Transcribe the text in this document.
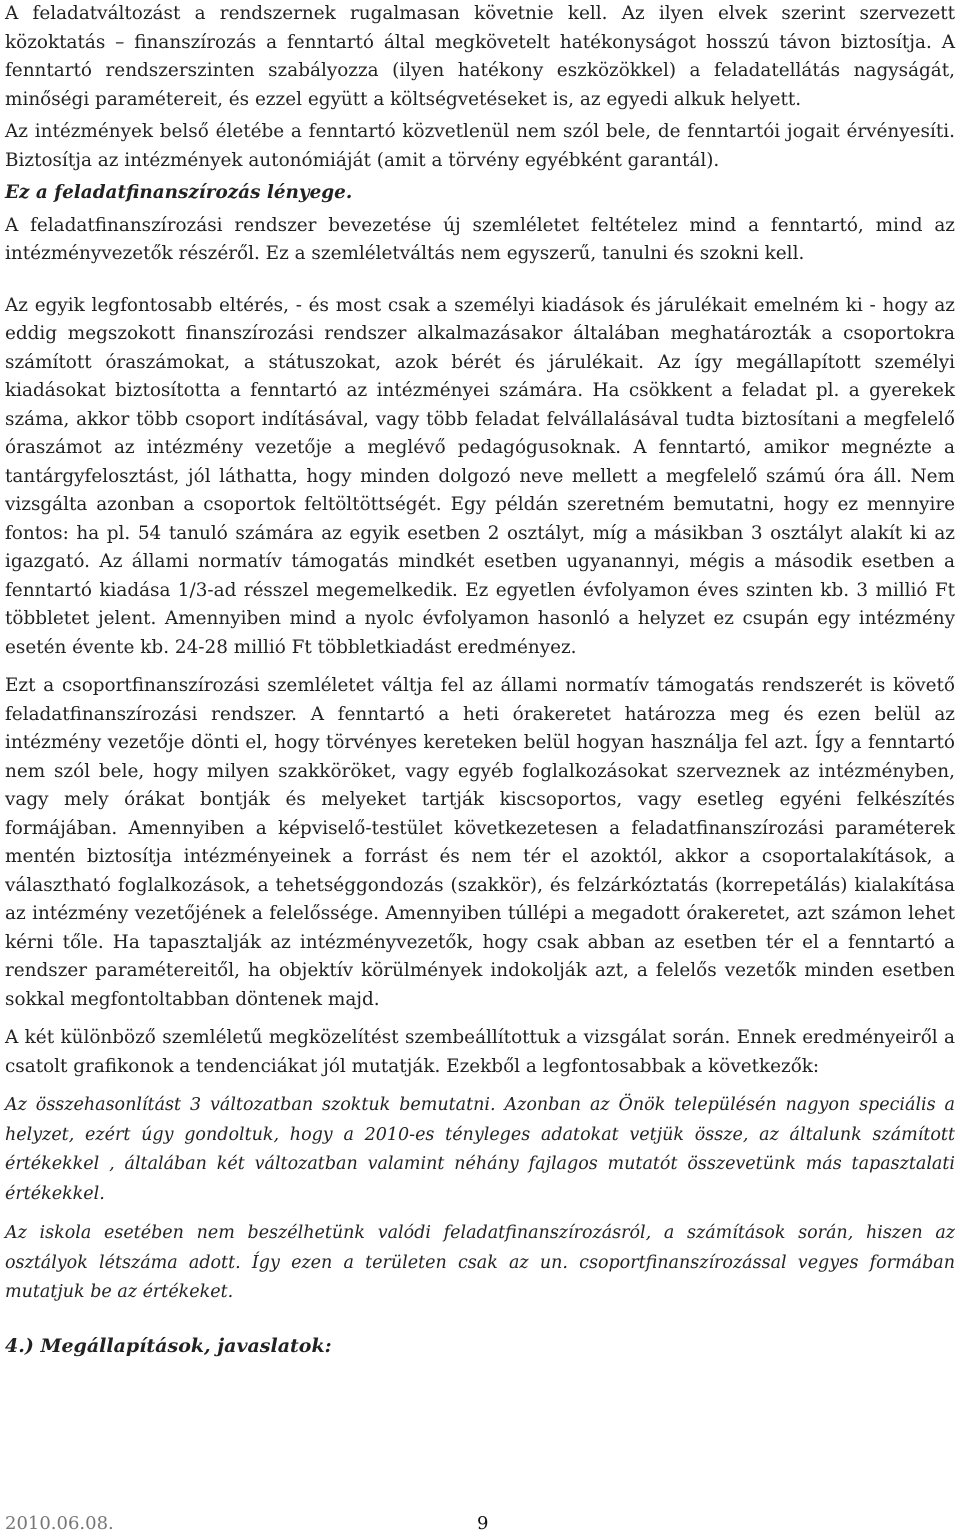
A feladatváltozást a rendszernek rugalmasan követnie kell. Az ilyen elvek szerint szervezett közoktatás – finanszírozás a fenntartó által megkövetelt hatékonyságot hosszú távon biztosítja. A fenntartó rendszerszinten szabályozza (ilyen hatékony eszközökkel) a feladatellátás nagyságát, minőségi paramétereit, és ezzel együtt a költségvetéseket is, az egyedi alkuk helyett.

Az intézmények belső életébe a fenntartó közvetlenül nem szól bele, de fenntartói jogait érvényesíti. Biztosítja az intézmények autonómiáját (amit a törvény egyébként garantál).

Ez a feladatfinanszírozás lényege.

A feladatfinanszírozási rendszer bevezetése új szemléletet feltételez mind a fenntartó, mind az intézményvezetők részéről. Ez a szemléletváltás nem egyszerű, tanulni és szokni kell.

Az egyik legfontosabb eltérés, - és most csak a személyi kiadások és járulékait emelném ki - hogy az eddig megszokott finanszírozási rendszer alkalmazásakor általában meghatározták a csoportokra számított óraszámokat, a státuszokat, azok bérét és járulékait. Az így megállapított személyi kiadásokat biztosította a fenntartó az intézményei számára. Ha csökkent a feladat pl. a gyerekek száma, akkor több csoport indításával, vagy több feladat felvállalásával tudta biztosítani a megfelelő óraszámot az intézmény vezetője a meglévő pedagógusoknak. A fenntartó, amikor megnézte a tantárgyfelosztást, jól láthatta, hogy minden dolgozó neve mellett a megfelelő számú óra áll. Nem vizsgálta azonban a csoportok feltöltöttségét. Egy példán szeretném bemutatni, hogy ez mennyire fontos: ha pl. 54 tanuló számára az egyik esetben 2 osztályt, míg a másikban 3 osztályt alakít ki az igazgató. Az állami normatív támogatás mindkét esetben ugyanannyi, mégis a második esetben a fenntartó kiadása 1/3-ad résszel megemelkedik. Ez egyetlen évfolyamon éves szinten kb. 3 millió Ft többletet jelent. Amennyiben mind a nyolc évfolyamon hasonló a helyzet ez csupán egy intézmény esetén évente kb. 24-28 millió Ft többletkiadást eredményez.

Ezt a csoportfinanszírozási szemléletet váltja fel az állami normatív támogatás rendszerét is követő feladatfinanszírozási rendszer. A fenntartó a heti órakeretet határozza meg és ezen belül az intézmény vezetője dönti el, hogy törvényes kereteken belül hogyan használja fel azt. Így a fenntartó nem szól bele, hogy milyen szakköröket, vagy egyéb foglalkozásokat szerveznek az intézményben, vagy mely órákat bontják és melyeket tartják kiscsoportos, vagy esetleg egyéni felkészítés formájában. Amennyiben a képviselő-testület következetesen a feladatfinanszírozási paraméterek mentén biztosítja intézményeinek a forrást és nem tér el azoktól, akkor a csoportalakítások, a választható foglalkozások, a tehetséggondozás (szakkör), és felzárkóztatás (korrepetálás) kialakítása az intézmény vezetőjének a felelőssége. Amennyiben túllépi a megadott órakeretet, azt számon lehet kérni tőle. Ha tapasztalják az intézményvezetők, hogy csak abban az esetben tér el a fenntartó a rendszer paramétereitől, ha objektív körülmények indokolják azt, a felelős vezetők minden esetben sokkal megfontoltabban döntenek majd.

A két különböző szemléletű megközelítést szembeállítottuk a vizsgálat során. Ennek eredményeiről a csatolt grafikonok a tendenciákat jól mutatják. Ezekből a legfontosabbak a következők:

Az összehasonlítást 3 változatban szoktuk bemutatni. Azonban az Önök településén nagyon speciális a helyzet, ezért úgy gondoltuk, hogy a 2010-es tényleges adatokat vetjük össze, az általunk számított értékekkel , általában két változatban valamint néhány fajlagos mutatót összevetünk más tapasztalati értékekkel.

Az iskola esetében nem beszélhetünk valódi feladatfinanszírozásról, a számítások során, hiszen az osztályok létszáma adott. Így ezen a területen csak az un. csoportfinanszírozással vegyes formában mutatjuk be az értékeket.

4.) Megállapítások, javaslatok:

2010.06.08.	9
